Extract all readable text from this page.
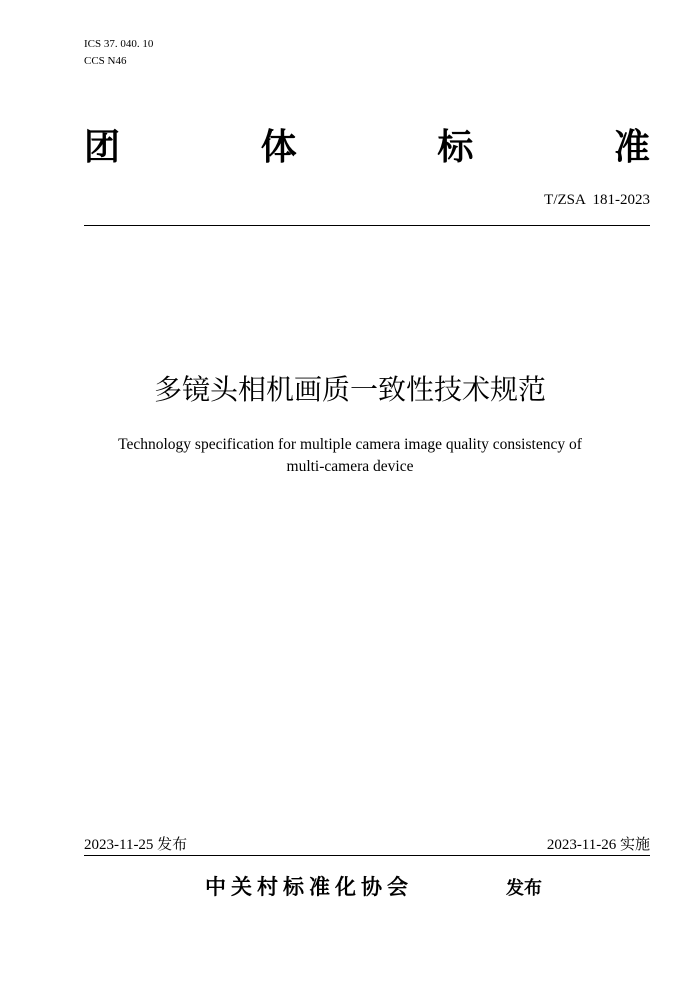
ICS 37. 040. 10
CCS N46
团	体	标	准
T/ZSA  181-2023
多镜头相机画质一致性技术规范
Technology specification for multiple camera image quality consistency of
multi-camera device
2023-11-25 发布	2023-11-26 实施
中关村标准化协会	发布
